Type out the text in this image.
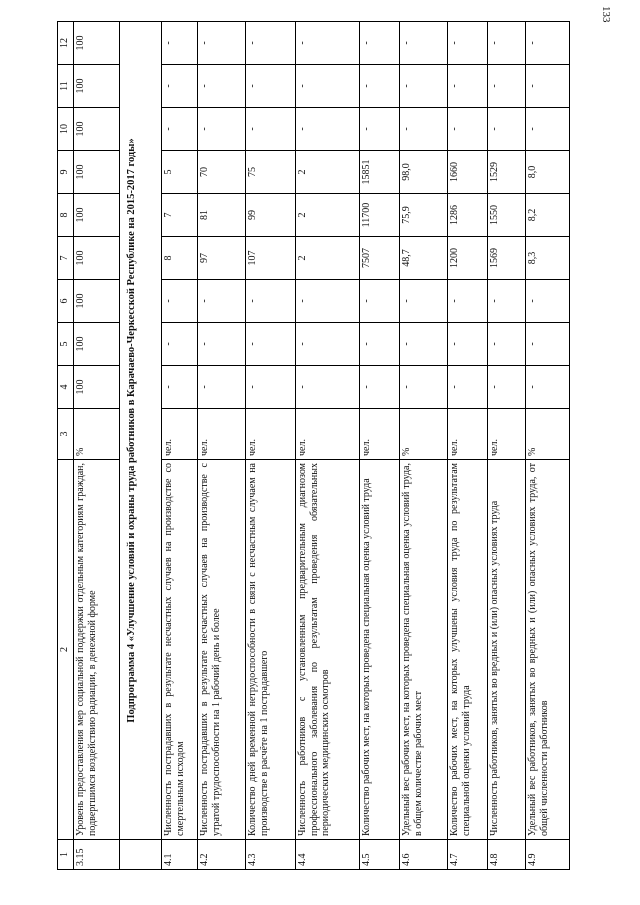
133
1	2	3	4	5	6	7	8	9	10	11	12
3.15	Уровень предоставления мер социальной поддержки отдельным категориям граждан, подвергшимся воздействию радиации, в денежной форме	%	100	100	100	100	100	100	100	100	100
	Подпрограмма 4 «Улучшение условий и охраны труда работников в Карачаево-Черкесской Республике на 2015-2017 годы»										
4.1	Численность пострадавших в результате несчастных случаев на производстве со смертельным исходом	чел.	-	-	-	8	7	5	-	-	-
4.2	Численность пострадавших в результате несчастных случаев на производстве с утратой трудоспособности на 1 рабочий день и более	чел.	-	-	-	97	81	70	-	-	-
4.3	Количество дней временной нетрудоспособности в связи с несчастным случаем на производстве в расчёте на 1 пострадавшего	чел.	-	-	-	107	99	75	-	-	-
4.4	Численность работников с установленным предварительным диагнозом профессионального заболевания по результатам проведения обязательных периодических медицинских осмотров	чел.	-	-	-	2	2	2	-	-	-
4.5	Количество рабочих мест, на которых проведена специальная оценка условий труда	чел.	-	-	-	7507	11700	15851	-	-	-
4.6	Удельный вес рабочих мест, на которых проведена специальная оценка условий труда, в общем количестве рабочих мест	%	-	-	-	48,7	75,9	98,0	-	-	-
4.7	Количество рабочих мест, на которых улучшены условия труда по результатам специальной оценки условий труда	чел.	-	-	-	1200	1286	1660	-	-	-
4.8	Численность работников, занятых во вредных и (или) опасных условиях труда	чел.	-	-	-	1569	1550	1529	-	-	-
4.9	Удельный вес работников, занятых во вредных и (или) опасных условиях труда, от общей численности работников	%	-	-	-	8,3	8,2	8,0	-	-	-
